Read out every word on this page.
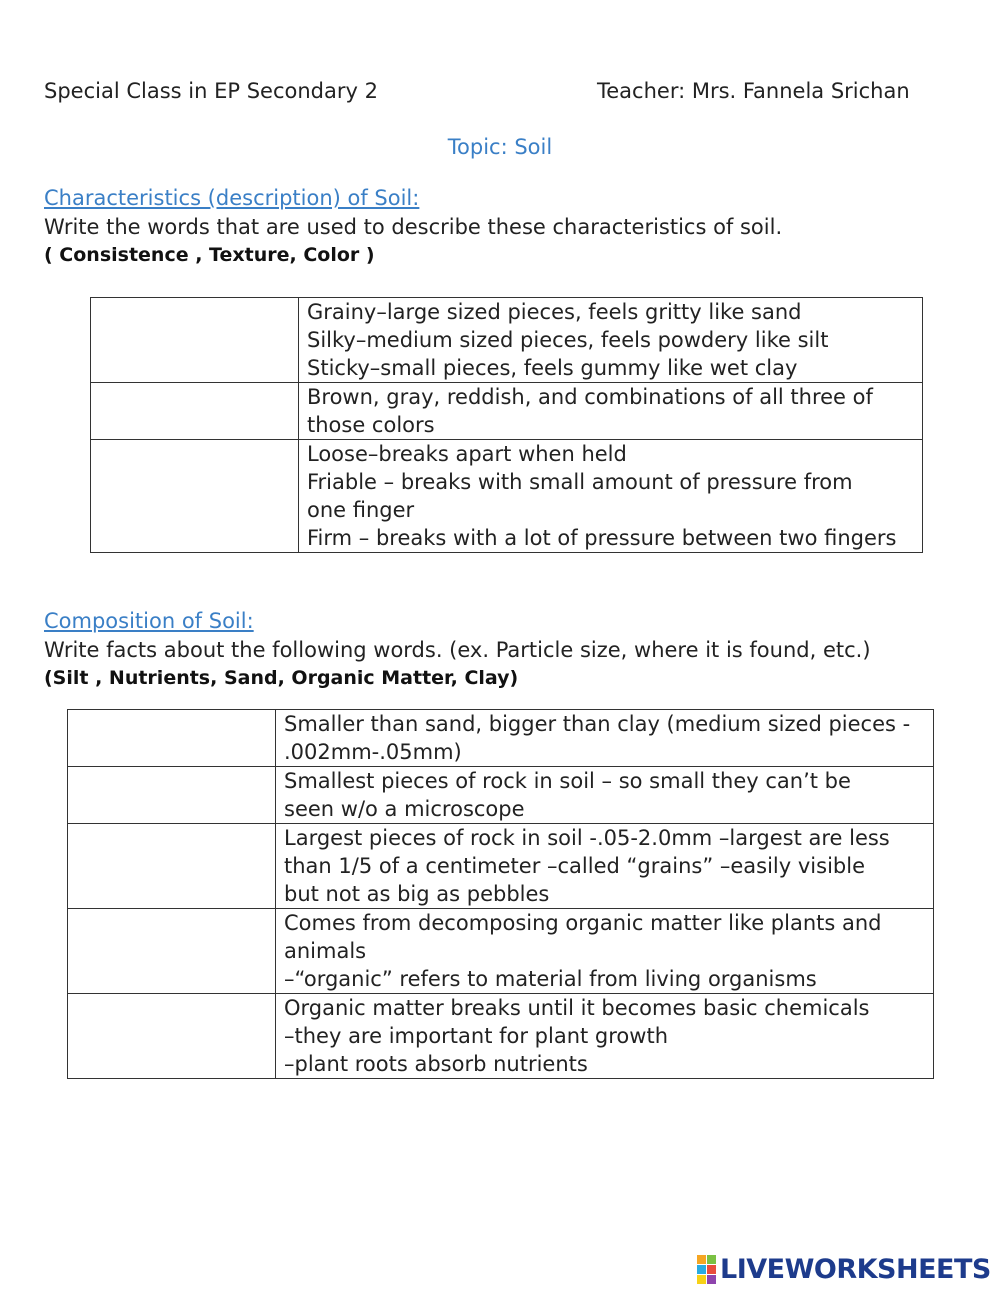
Special Class in EP Secondary 2	Teacher: Mrs. Fannela Srichan
Topic: Soil
Characteristics (description) of Soil:
Write the words that are used to describe these characteristics of soil.
( Consistence , Texture, Color )

	Grainy–large sized pieces, feels gritty like sand
Silky–medium sized pieces, feels powdery like silt
Sticky–small pieces, feels gummy like wet clay

	Brown, gray, reddish, and combinations of all three of
those colors

	Loose–breaks apart when held
Friable – breaks with small amount of pressure from
one finger
Firm – breaks with a lot of pressure between two fingers
Composition of Soil:
Write facts about the following words. (ex. Particle size, where it is found, etc.)
(Silt , Nutrients, Sand, Organic Matter, Clay)

	Smaller than sand, bigger than clay (medium sized pieces -
.002mm-.05mm)

	Smallest pieces of rock in soil – so small they can’t be
seen w/o a microscope

	Largest pieces of rock in soil -.05-2.0mm –largest are less
than 1/5 of a centimeter –called “grains” –easily visible
but not as big as pebbles

	Comes from decomposing organic matter like plants and
animals
–“organic” refers to material from living organisms

	Organic matter breaks until it becomes basic chemicals
–they are important for plant growth
–plant roots absorb nutrients
LIVEWORKSHEETS
